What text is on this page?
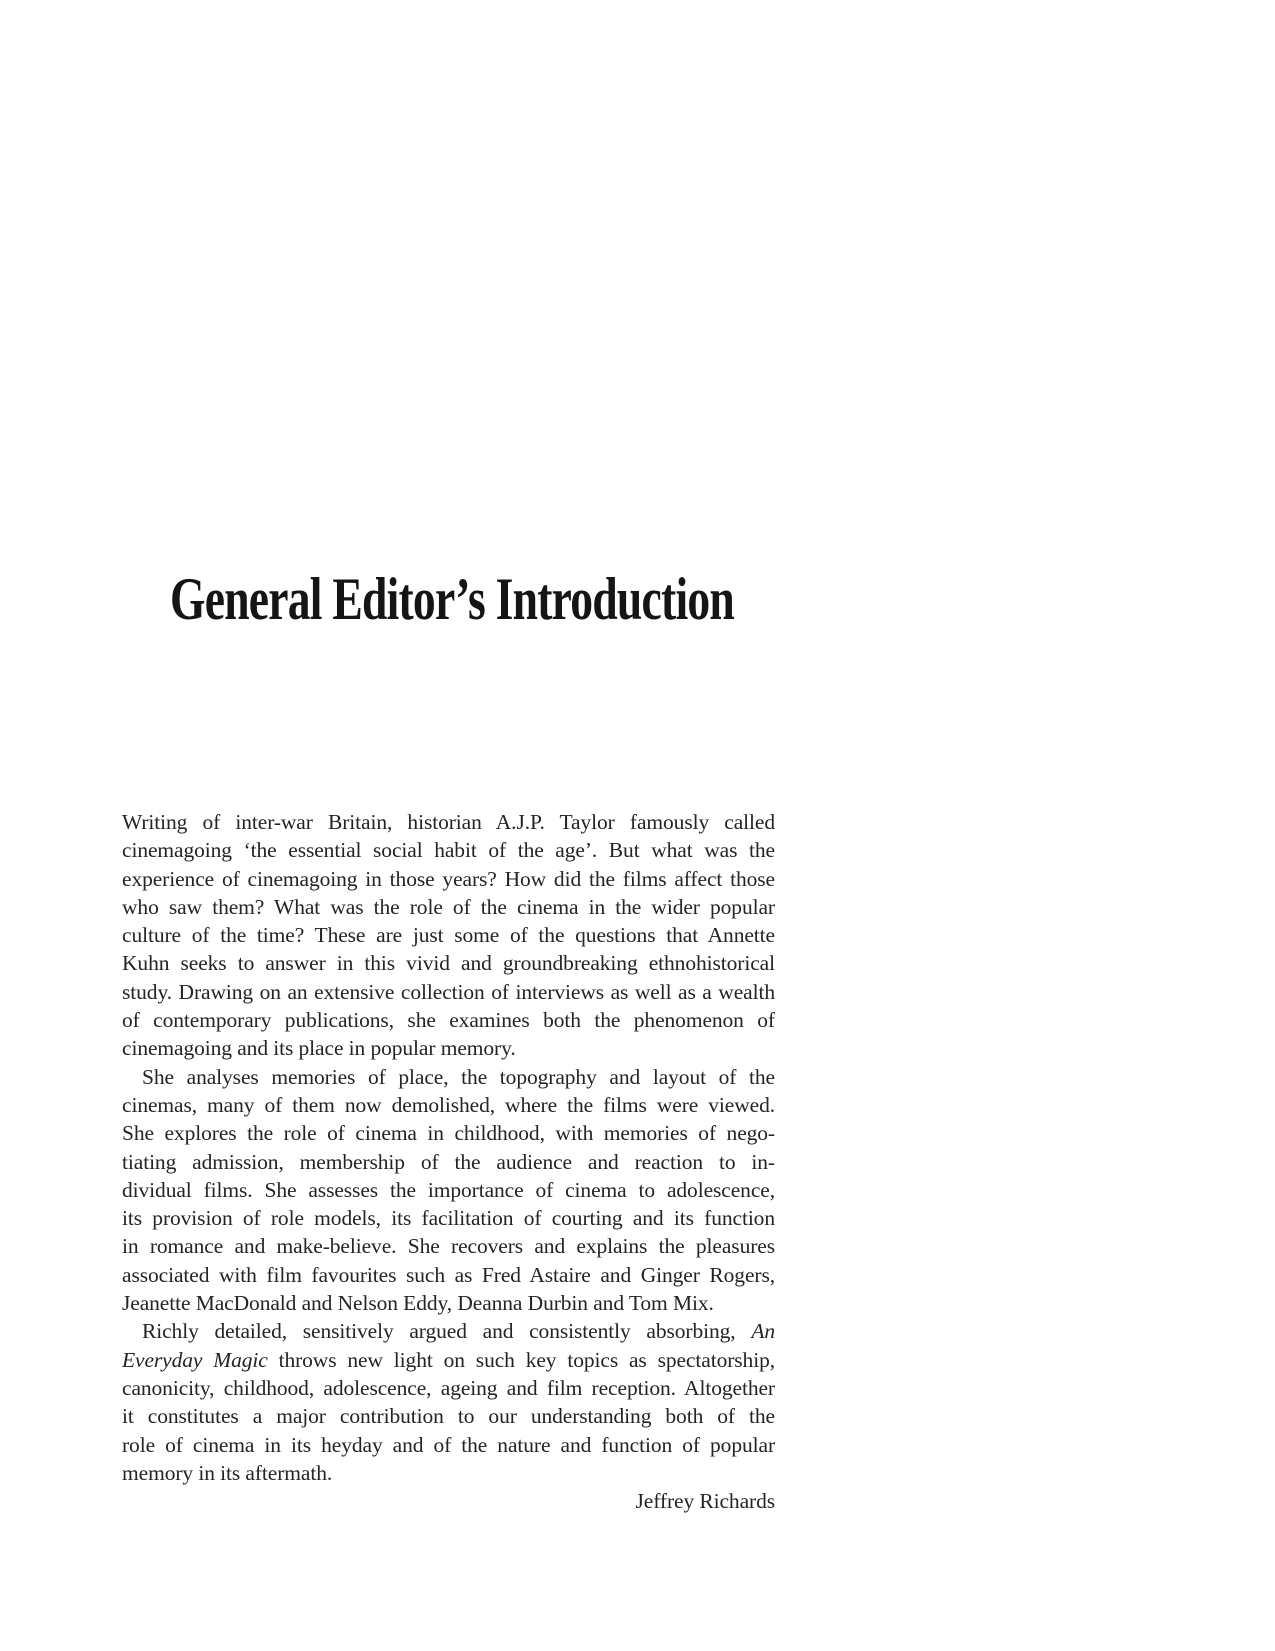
General Editor’s Introduction
Writing of inter-war Britain, historian A.J.P. Taylor famously called
cinemagoing ‘the essential social habit of the age’. But what was the
experience of cinemagoing in those years? How did the films affect those
who saw them? What was the role of the cinema in the wider popular
culture of the time? These are just some of the questions that Annette
Kuhn seeks to answer in this vivid and groundbreaking ethnohistorical
study. Drawing on an extensive collection of interviews as well as a wealth
of contemporary publications, she examines both the phenomenon of
cinemagoing and its place in popular memory.
She analyses memories of place, the topography and layout of the
cinemas, many of them now demolished, where the films were viewed.
She explores the role of cinema in childhood, with memories of nego-
tiating admission, membership of the audience and reaction to in-
dividual films. She assesses the importance of cinema to adolescence,
its provision of role models, its facilitation of courting and its function
in romance and make-believe. She recovers and explains the pleasures
associated with film favourites such as Fred Astaire and Ginger Rogers,
Jeanette MacDonald and Nelson Eddy, Deanna Durbin and Tom Mix.
Richly detailed, sensitively argued and consistently absorbing, An
Everyday Magic throws new light on such key topics as spectatorship,
canonicity, childhood, adolescence, ageing and film reception. Altogether
it constitutes a major contribution to our understanding both of the
role of cinema in its heyday and of the nature and function of popular
memory in its aftermath.
Jeffrey Richards
